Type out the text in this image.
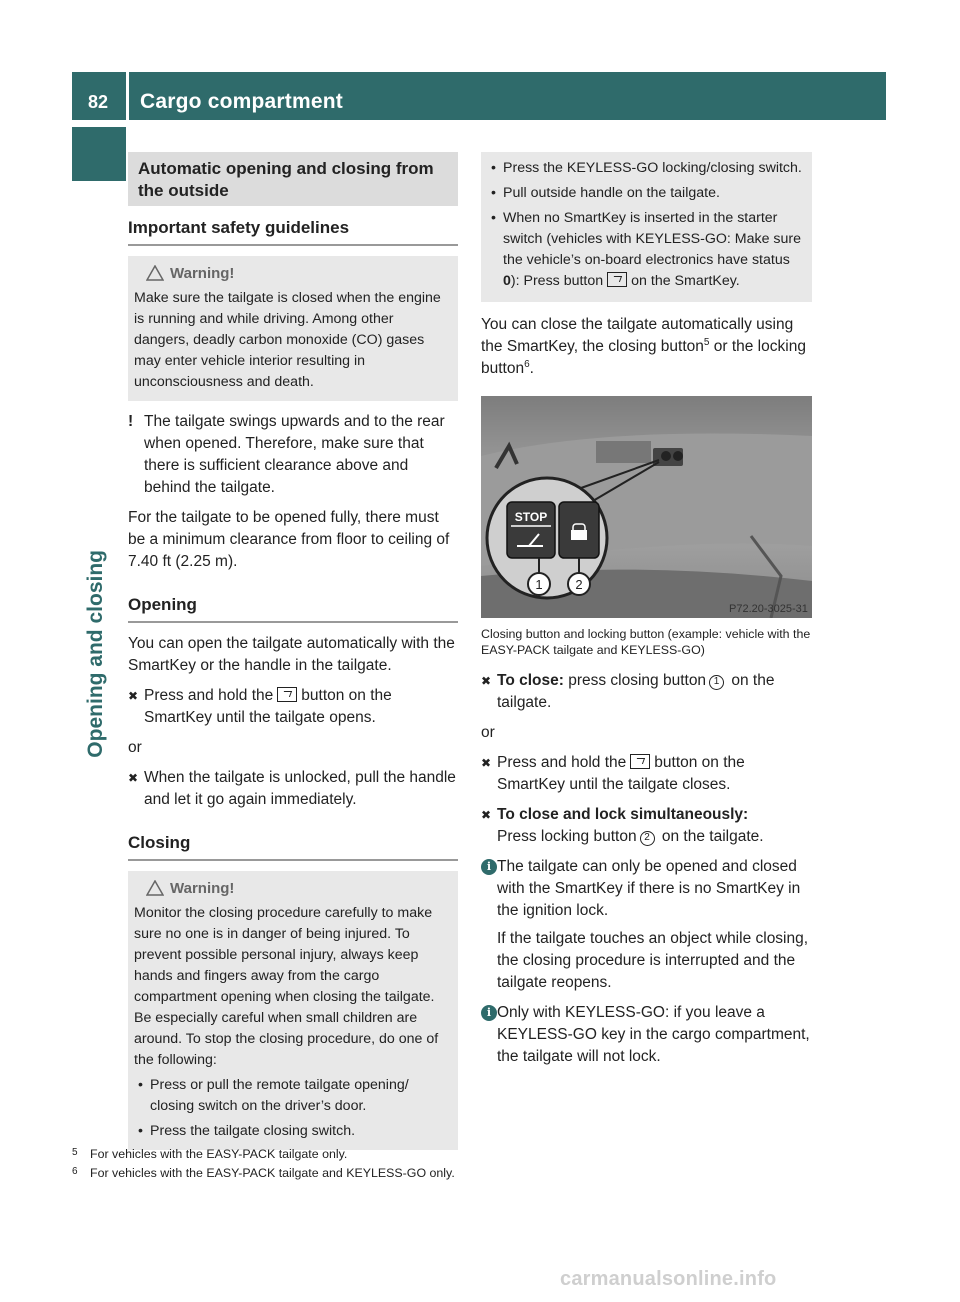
82 Cargo compartment
Opening and closing
Automatic opening and closing from the outside
Important safety guidelines
Warning!
Make sure the tailgate is closed when the engine is running and while driving. Among other dangers, deadly carbon monoxide (CO) gases may enter vehicle interior resulting in unconsciousness and death.
! The tailgate swings upwards and to the rear when opened. Therefore, make sure that there is sufficient clearance above and behind the tailgate.
For the tailgate to be opened fully, there must be a minimum clearance from floor to ceiling of 7.40 ft (2.25 m).
Opening
You can open the tailgate automatically with the SmartKey or the handle in the tailgate.
✖ Press and hold the button on the SmartKey until the tailgate opens.
or
✖ When the tailgate is unlocked, pull the handle and let it go again immediately.
Closing
Warning!
Monitor the closing procedure carefully to make sure no one is in danger of being injured. To prevent possible personal injury, always keep hands and fingers away from the cargo compartment opening when closing the tailgate. Be especially careful when small children are around. To stop the closing procedure, do one of the following:
• Press or pull the remote tailgate opening/ closing switch on the driver’s door.
• Press the tailgate closing switch.
• Press the KEYLESS-GO locking/closing switch.
• Pull outside handle on the tailgate.
• When no SmartKey is inserted in the starter switch (vehicles with KEYLESS-GO: Make sure the vehicle’s on-board electronics have status 0): Press button on the SmartKey.
You can close the tailgate automatically using the SmartKey, the closing button$^5$ or the locking button$^6$.
STOP
1	2
P72.20-3025-31
Closing button and locking button (example: vehicle with the EASY-PACK tailgate and KEYLESS-GO)
✖ To close: press closing button 1 on the tailgate.
or
✖ Press and hold the button on the SmartKey until the tailgate closes.
✖ To close and lock simultaneously:
Press locking button 2 on the tailgate.
i The tailgate can only be opened and closed with the SmartKey if there is no SmartKey in the ignition lock.
If the tailgate touches an object while closing, the closing procedure is interrupted and the tailgate reopens.
i Only with KEYLESS-GO: if you leave a KEYLESS-GO key in the cargo compartment, the tailgate will not lock.
5 For vehicles with the EASY-PACK tailgate only.
6 For vehicles with the EASY-PACK tailgate and KEYLESS-GO only.
carmanualsonline.info
